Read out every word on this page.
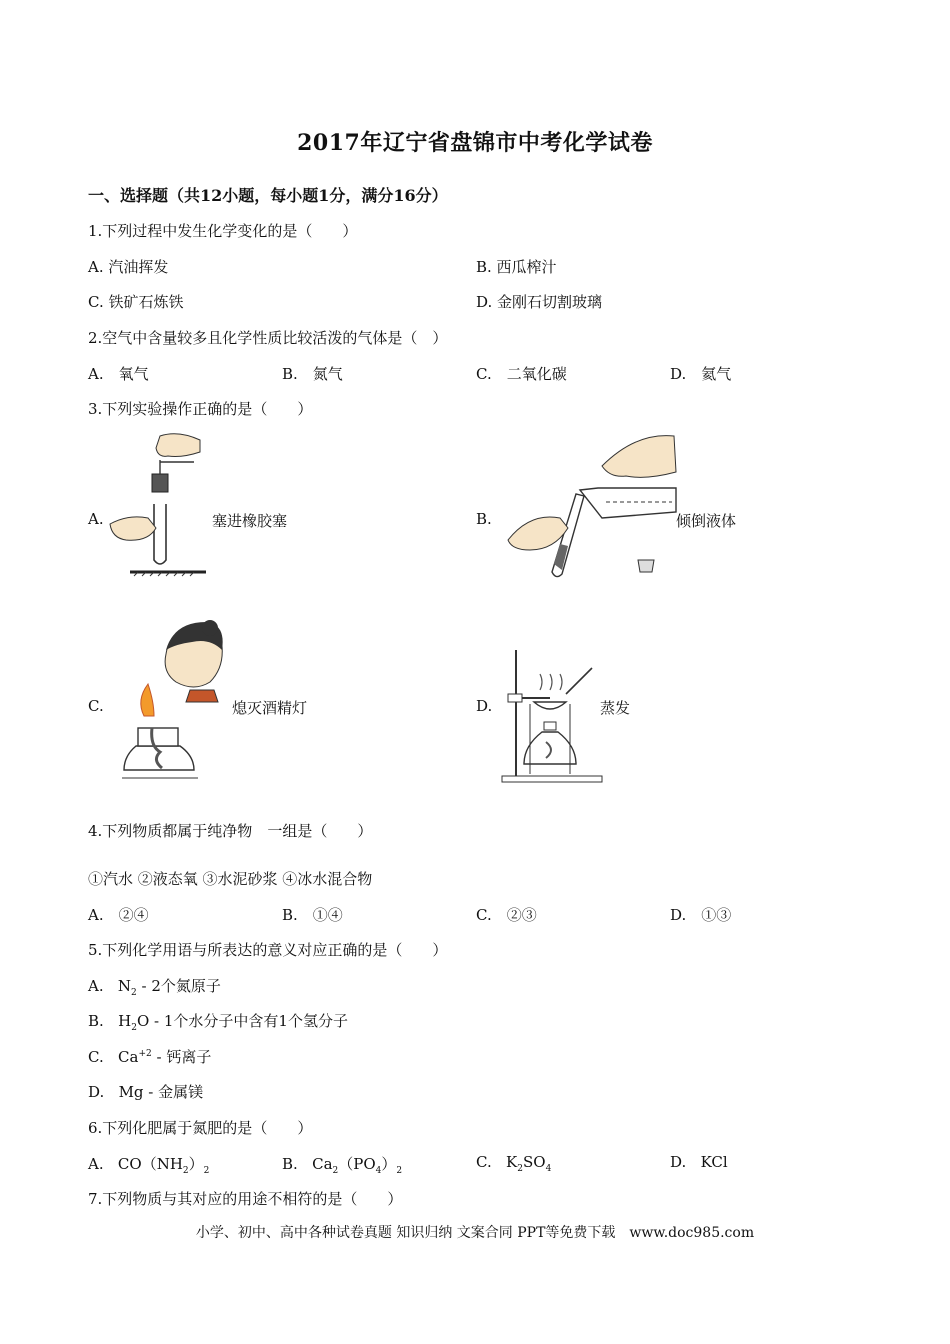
2017年辽宁省盘锦市中考化学试卷
一、选择题（共12小题，每小题1分，满分16分）
1.下列过程中发生化学变化的是（　　）
A. 汽油挥发	B. 西瓜榨汁
C. 铁矿石炼铁	D. 金刚石切割玻璃
2.空气中含量较多且化学性质比较活泼的气体是（　）
A.　氧气	B.　氮气	C.　二氧化碳	D.　氦气
3.下列实验操作正确的是（　　）
A.	塞进橡胶塞	B.	倾倒液体
C.	熄灭酒精灯	D.	蒸发
4.下列物质都属于纯净物　一组是（　　）
①汽水 ②液态氧 ③水泥砂浆 ④冰水混合物
A.　②④	B.　①④	C.　②③	D.　①③
5.下列化学用语与所表达的意义对应正确的是（　　）
A. $N_2 - 2$个氮原子
B. $H_2O - 1$个水分子中含有1个氢分子
C. $Ca^{+2}$ - 钙离子
D. Mg - 金属镁
6.下列化肥属于氮肥的是（　　）
A. $CO(NH_2)_2$	B. $Ca_2(PO_4)_2$	C. $K_2SO_4$	D. KCl
7.下列物质与其对应的用途不相符的是（　　）
小学、初中、高中各种试卷真题 知识归纳 文案合同 PPT等免费下载　www.doc985.com
